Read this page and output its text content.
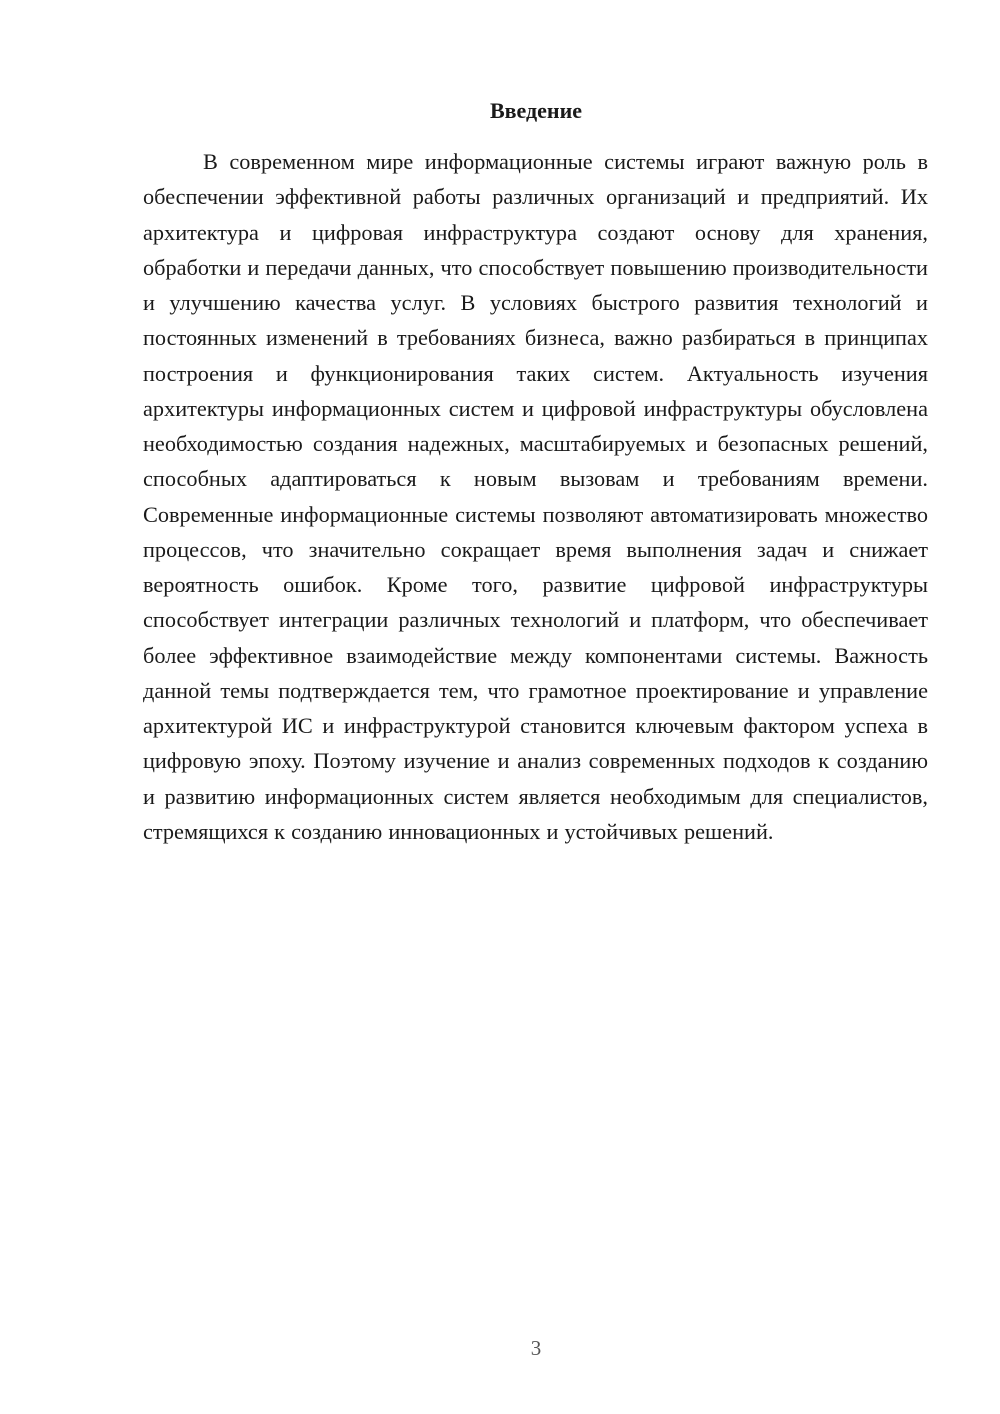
Введение

В современном мире информационные системы играют важную роль в обеспечении эффективной работы различных организаций и предприятий. Их архитектура и цифровая инфраструктура создают основу для хранения, обработки и передачи данных, что способствует повышению производительности и улучшению качества услуг. В условиях быстрого развития технологий и постоянных изменений в требованиях бизнеса, важно разбираться в принципах построения и функционирования таких систем. Актуальность изучения архитектуры информационных систем и цифровой инфраструктуры обусловлена необходимостью создания надежных, масштабируемых и безопасных решений, способных адаптироваться к новым вызовам и требованиям времени. Современные информационные системы позволяют автоматизировать множество процессов, что значительно сокращает время выполнения задач и снижает вероятность ошибок. Кроме того, развитие цифровой инфраструктуры способствует интеграции различных технологий и платформ, что обеспечивает более эффективное взаимодействие между компонентами системы. Важность данной темы подтверждается тем, что грамотное проектирование и управление архитектурой ИС и инфраструктурой становится ключевым фактором успеха в цифровую эпоху. Поэтому изучение и анализ современных подходов к созданию и развитию информационных систем является необходимым для специалистов, стремящихся к созданию инновационных и устойчивых решений.

3
